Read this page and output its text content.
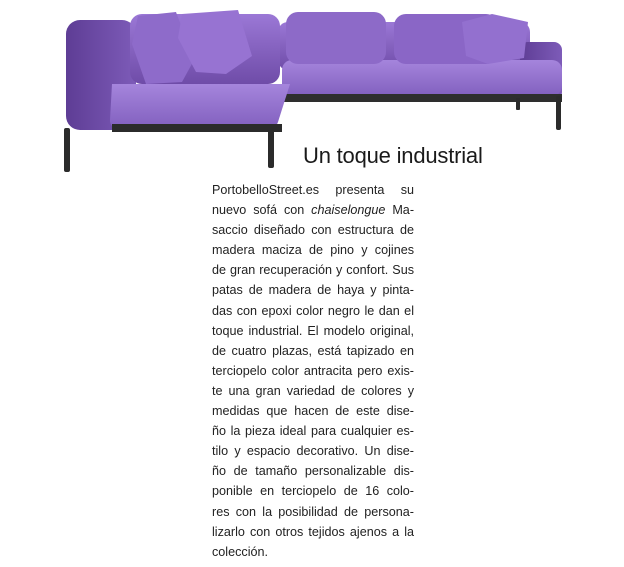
Un toque industrial
PortobelloStreet.es presenta su
nuevo sofá con chaiselongue Ma-
saccio diseñado con estructura de
madera maciza de pino y cojines
de gran recuperación y confort. Sus
patas de madera de haya y pinta-
das con epoxi color negro le dan el
toque industrial. El modelo original,
de cuatro plazas, está tapizado en
terciopelo color antracita pero exis-
te una gran variedad de colores y
medidas que hacen de este dise-
ño la pieza ideal para cualquier es-
tilo y espacio decorativo. Un dise-
ño de tamaño personalizable dis-
ponible en terciopelo de 16 colo-
res con la posibilidad de persona-
lizarlo con otros tejidos ajenos a la
colección.
